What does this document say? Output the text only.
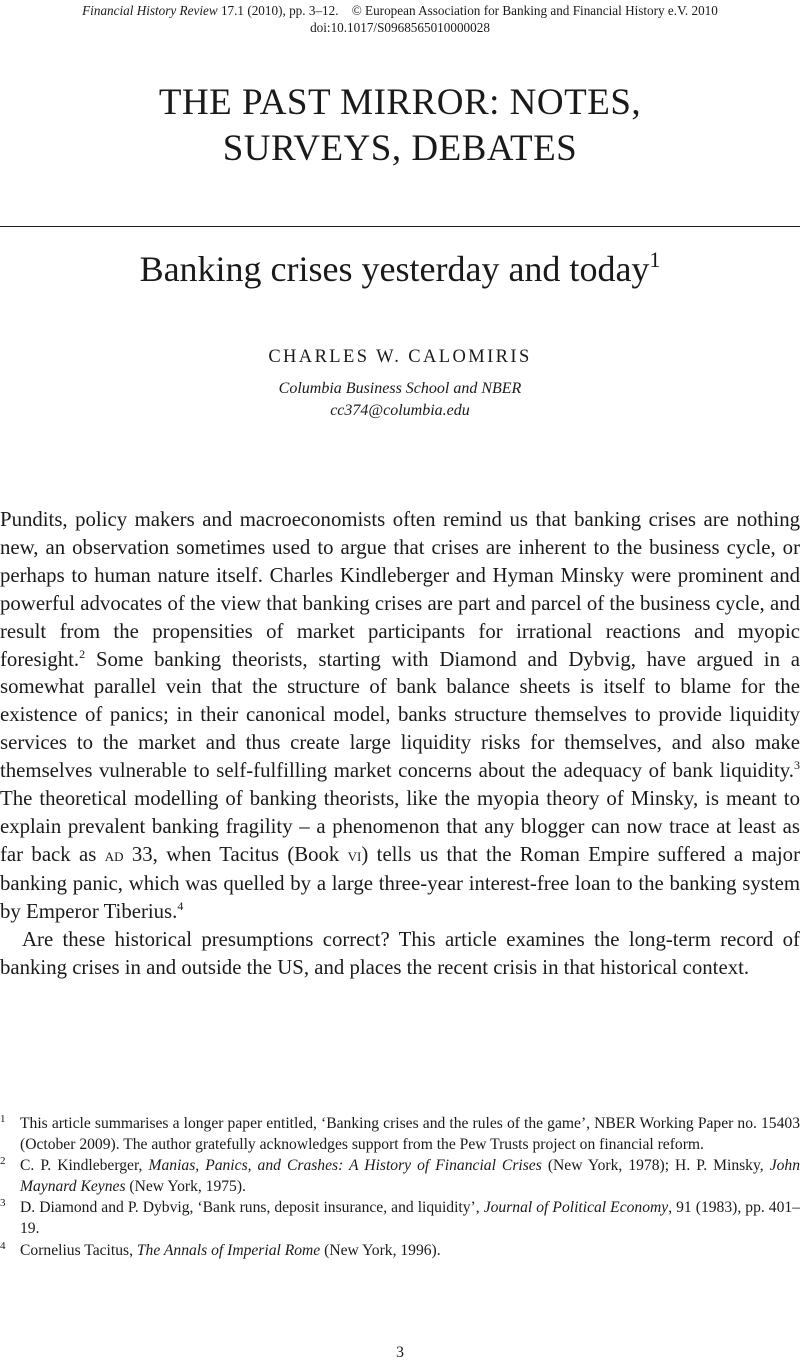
Financial History Review 17.1 (2010), pp. 3–12. © European Association for Banking and Financial History e.V. 2010
doi:10.1017/S0968565010000028
THE PAST MIRROR: NOTES,
SURVEYS, DEBATES
Banking crises yesterday and today$^1$
CHARLES W. CALOMIRIS
Columbia Business School and NBER
cc374@columbia.edu

Pundits, policy makers and macroeconomists often remind us that banking crises are nothing new, an observation sometimes used to argue that crises are inherent to the business cycle, or perhaps to human nature itself. Charles Kindleberger and Hyman Minsky were prominent and powerful advocates of the view that banking crises are part and parcel of the business cycle, and result from the propensities of market participants for irrational reactions and myopic foresight.$^2$ Some banking theorists, starting with Diamond and Dybvig, have argued in a somewhat parallel vein that the structure of bank balance sheets is itself to blame for the existence of panics; in their canonical model, banks structure themselves to provide liquidity services to the market and thus create large liquidity risks for themselves, and also make themselves vulnerable to self-fulfilling market concerns about the adequacy of bank liquidity.$^3$ The theoretical modelling of banking theorists, like the myopia theory of Minsky, is meant to explain prevalent banking fragility – a phenomenon that any blogger can now trace at least as far back as ad 33, when Tacitus (Book vi) tells us that the Roman Empire suffered a major banking panic, which was quelled by a large three-year interest-free loan to the banking system by Emperor Tiberius.$^4$

Are these historical presumptions correct? This article examines the long-term record of banking crises in and outside the US, and places the recent crisis in that historical context.

1 This article summarises a longer paper entitled, ‘Banking crises and the rules of the game’, NBER Working Paper no. 15403 (October 2009). The author gratefully acknowledges support from the Pew Trusts project on financial reform.
2 C. P. Kindleberger, Manias, Panics, and Crashes: A History of Financial Crises (New York, 1978); H. P. Minsky, John Maynard Keynes (New York, 1975).
3 D. Diamond and P. Dybvig, ‘Bank runs, deposit insurance, and liquidity’, Journal of Political Economy, 91 (1983), pp. 401–19.
4 Cornelius Tacitus, The Annals of Imperial Rome (New York, 1996).
3
